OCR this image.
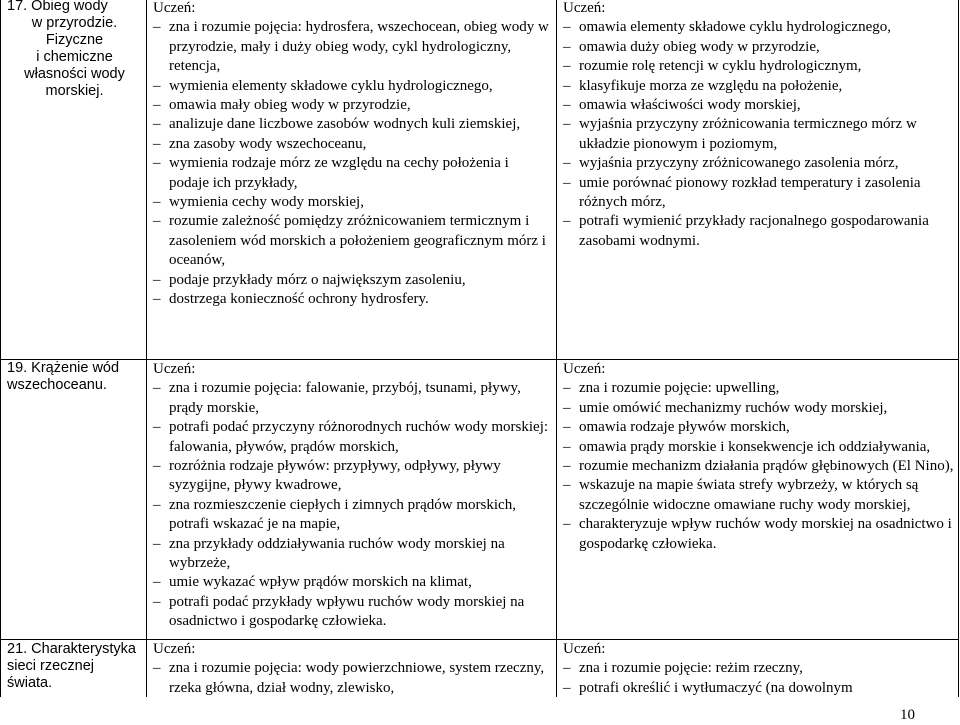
17. Obieg wody
w przyrodzie.
Fizyczne
i chemiczne
własności wody
morskiej.
Uczeń:
– zna i rozumie pojęcia: hydrosfera, wszechocean, obieg wody w przyrodzie, mały i duży obieg wody, cykl hydrologiczny, retencja,
– wymienia elementy składowe cyklu hydrologicznego,
– omawia mały obieg wody w przyrodzie,
– analizuje dane liczbowe zasobów wodnych kuli ziemskiej,
– zna zasoby wody wszechoceanu,
– wymienia rodzaje mórz ze względu na cechy położenia i podaje ich przykłady,
– wymienia cechy wody morskiej,
– rozumie zależność pomiędzy zróżnicowaniem termicznym i zasoleniem wód morskich a położeniem geograficznym mórz i oceanów,
– podaje przykłady mórz o największym zasoleniu,
– dostrzega konieczność ochrony hydrosfery.
Uczeń:
– omawia elementy składowe cyklu hydrologicznego,
– omawia duży obieg wody w przyrodzie,
– rozumie rolę retencji w cyklu hydrologicznym,
– klasyfikuje morza ze względu na położenie,
– omawia właściwości wody morskiej,
– wyjaśnia przyczyny zróżnicowania termicznego mórz w układzie pionowym i poziomym,
– wyjaśnia przyczyny zróżnicowanego zasolenia mórz,
– umie porównać pionowy rozkład temperatury i zasolenia różnych mórz,
– potrafi wymienić przykłady racjonalnego gospodarowania zasobami wodnymi.
19. Krążenie wód
wszechoceanu.
Uczeń:
– zna i rozumie pojęcia: falowanie, przybój, tsunami, pływy, prądy morskie,
– potrafi podać przyczyny różnorodnych ruchów wody morskiej: falowania, pływów, prądów morskich,
– rozróżnia rodzaje pływów: przypływy, odpływy, pływy syzygijne, pływy kwadrowe,
– zna rozmieszczenie ciepłych i zimnych prądów morskich, potrafi wskazać je na mapie,
– zna przykłady oddziaływania ruchów wody morskiej na wybrzeże,
– umie wykazać wpływ prądów morskich na klimat,
– potrafi podać przykłady wpływu ruchów wody morskiej na osadnictwo i gospodarkę człowieka.
Uczeń:
– zna i rozumie pojęcie: upwelling,
– umie omówić mechanizmy ruchów wody morskiej,
– omawia rodzaje pływów morskich,
– omawia prądy morskie i konsekwencje ich oddziaływania,
– rozumie mechanizm działania prądów głębinowych (El Nino),
– wskazuje na mapie świata strefy wybrzeży, w których są szczególnie widoczne omawiane ruchy wody morskiej,
– charakteryzuje wpływ ruchów wody morskiej na osadnictwo i gospodarkę człowieka.
21. Charakterystyka
sieci rzecznej
świata.
Uczeń:
– zna i rozumie pojęcia: wody powierzchniowe, system rzeczny, rzeka główna, dział wodny, zlewisko,
Uczeń:
– zna i rozumie pojęcie: reżim rzeczny,
– potrafi określić i wytłumaczyć (na dowolnym
10
